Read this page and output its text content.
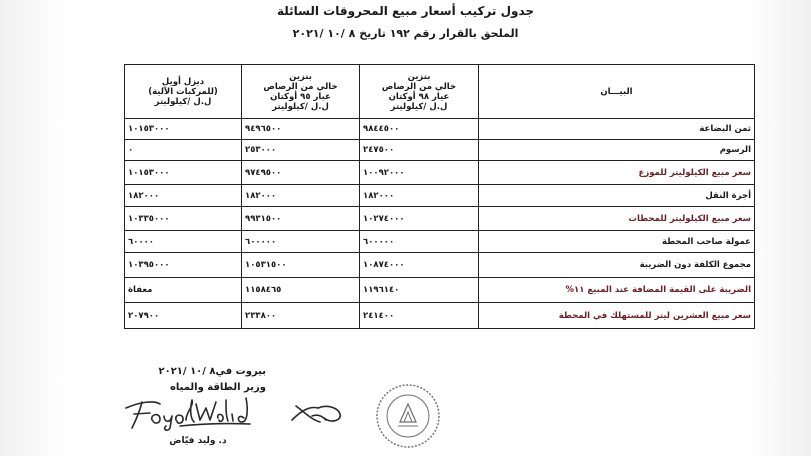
جدول تركيب أسعار مبيع المحروقات السائلة
الملحق بالقرار رقم ١٩٢ تاريخ ٨ /١٠ /٢٠٢١
البيـــان	بنزين
خالي من الرصاص
عيار ٩٨ أوكتان
ل.ل /كيلوليتر	بنزين
خالي من الرصاص
عيار ٩٥ أوكتان
ل.ل /كيلوليتر	ديزل أويل
(للمركبات الآلية)
ل.ل /كيلوليتر

ثمن البضاعة	٩٨٤٤٥٠٠	٩٤٩٦٥٠٠	١٠١٥٣٠٠٠
الرسوم	٢٤٧٥٠٠	٢٥٣٠٠٠	٠
سعر مبيع الكيلوليتر للموزع	١٠٠٩٢٠٠٠	٩٧٤٩٥٠٠	١٠١٥٣٠٠٠
أجرة النقل	١٨٢٠٠٠	١٨٢٠٠٠	١٨٢٠٠٠
سعر مبيع الكيلوليتر للمحطات	١٠٢٧٤٠٠٠	٩٩٣١٥٠٠	١٠٣٣٥٠٠٠
عمولة صاحب المحطة	٦٠٠٠٠٠	٦٠٠٠٠٠	٦٠٠٠٠
مجموع الكلفة دون الضريبة	١٠٨٧٤٠٠٠	١٠٥٣١٥٠٠	١٠٣٩٥٠٠٠
الضريبة على القيمة المضافة عند المبيع ١١%	١١٩٦١٤٠	١١٥٨٤٦٥	معفاة
سعر مبيع العشرين ليتر للمستهلك في المحطة	٢٤١٤٠٠	٢٣٣٨٠٠	٢٠٧٩٠٠
بيروت في٨ /١٠ /٢٠٢١
وزير الطاقة والمياه
د. وليد فيّاض
